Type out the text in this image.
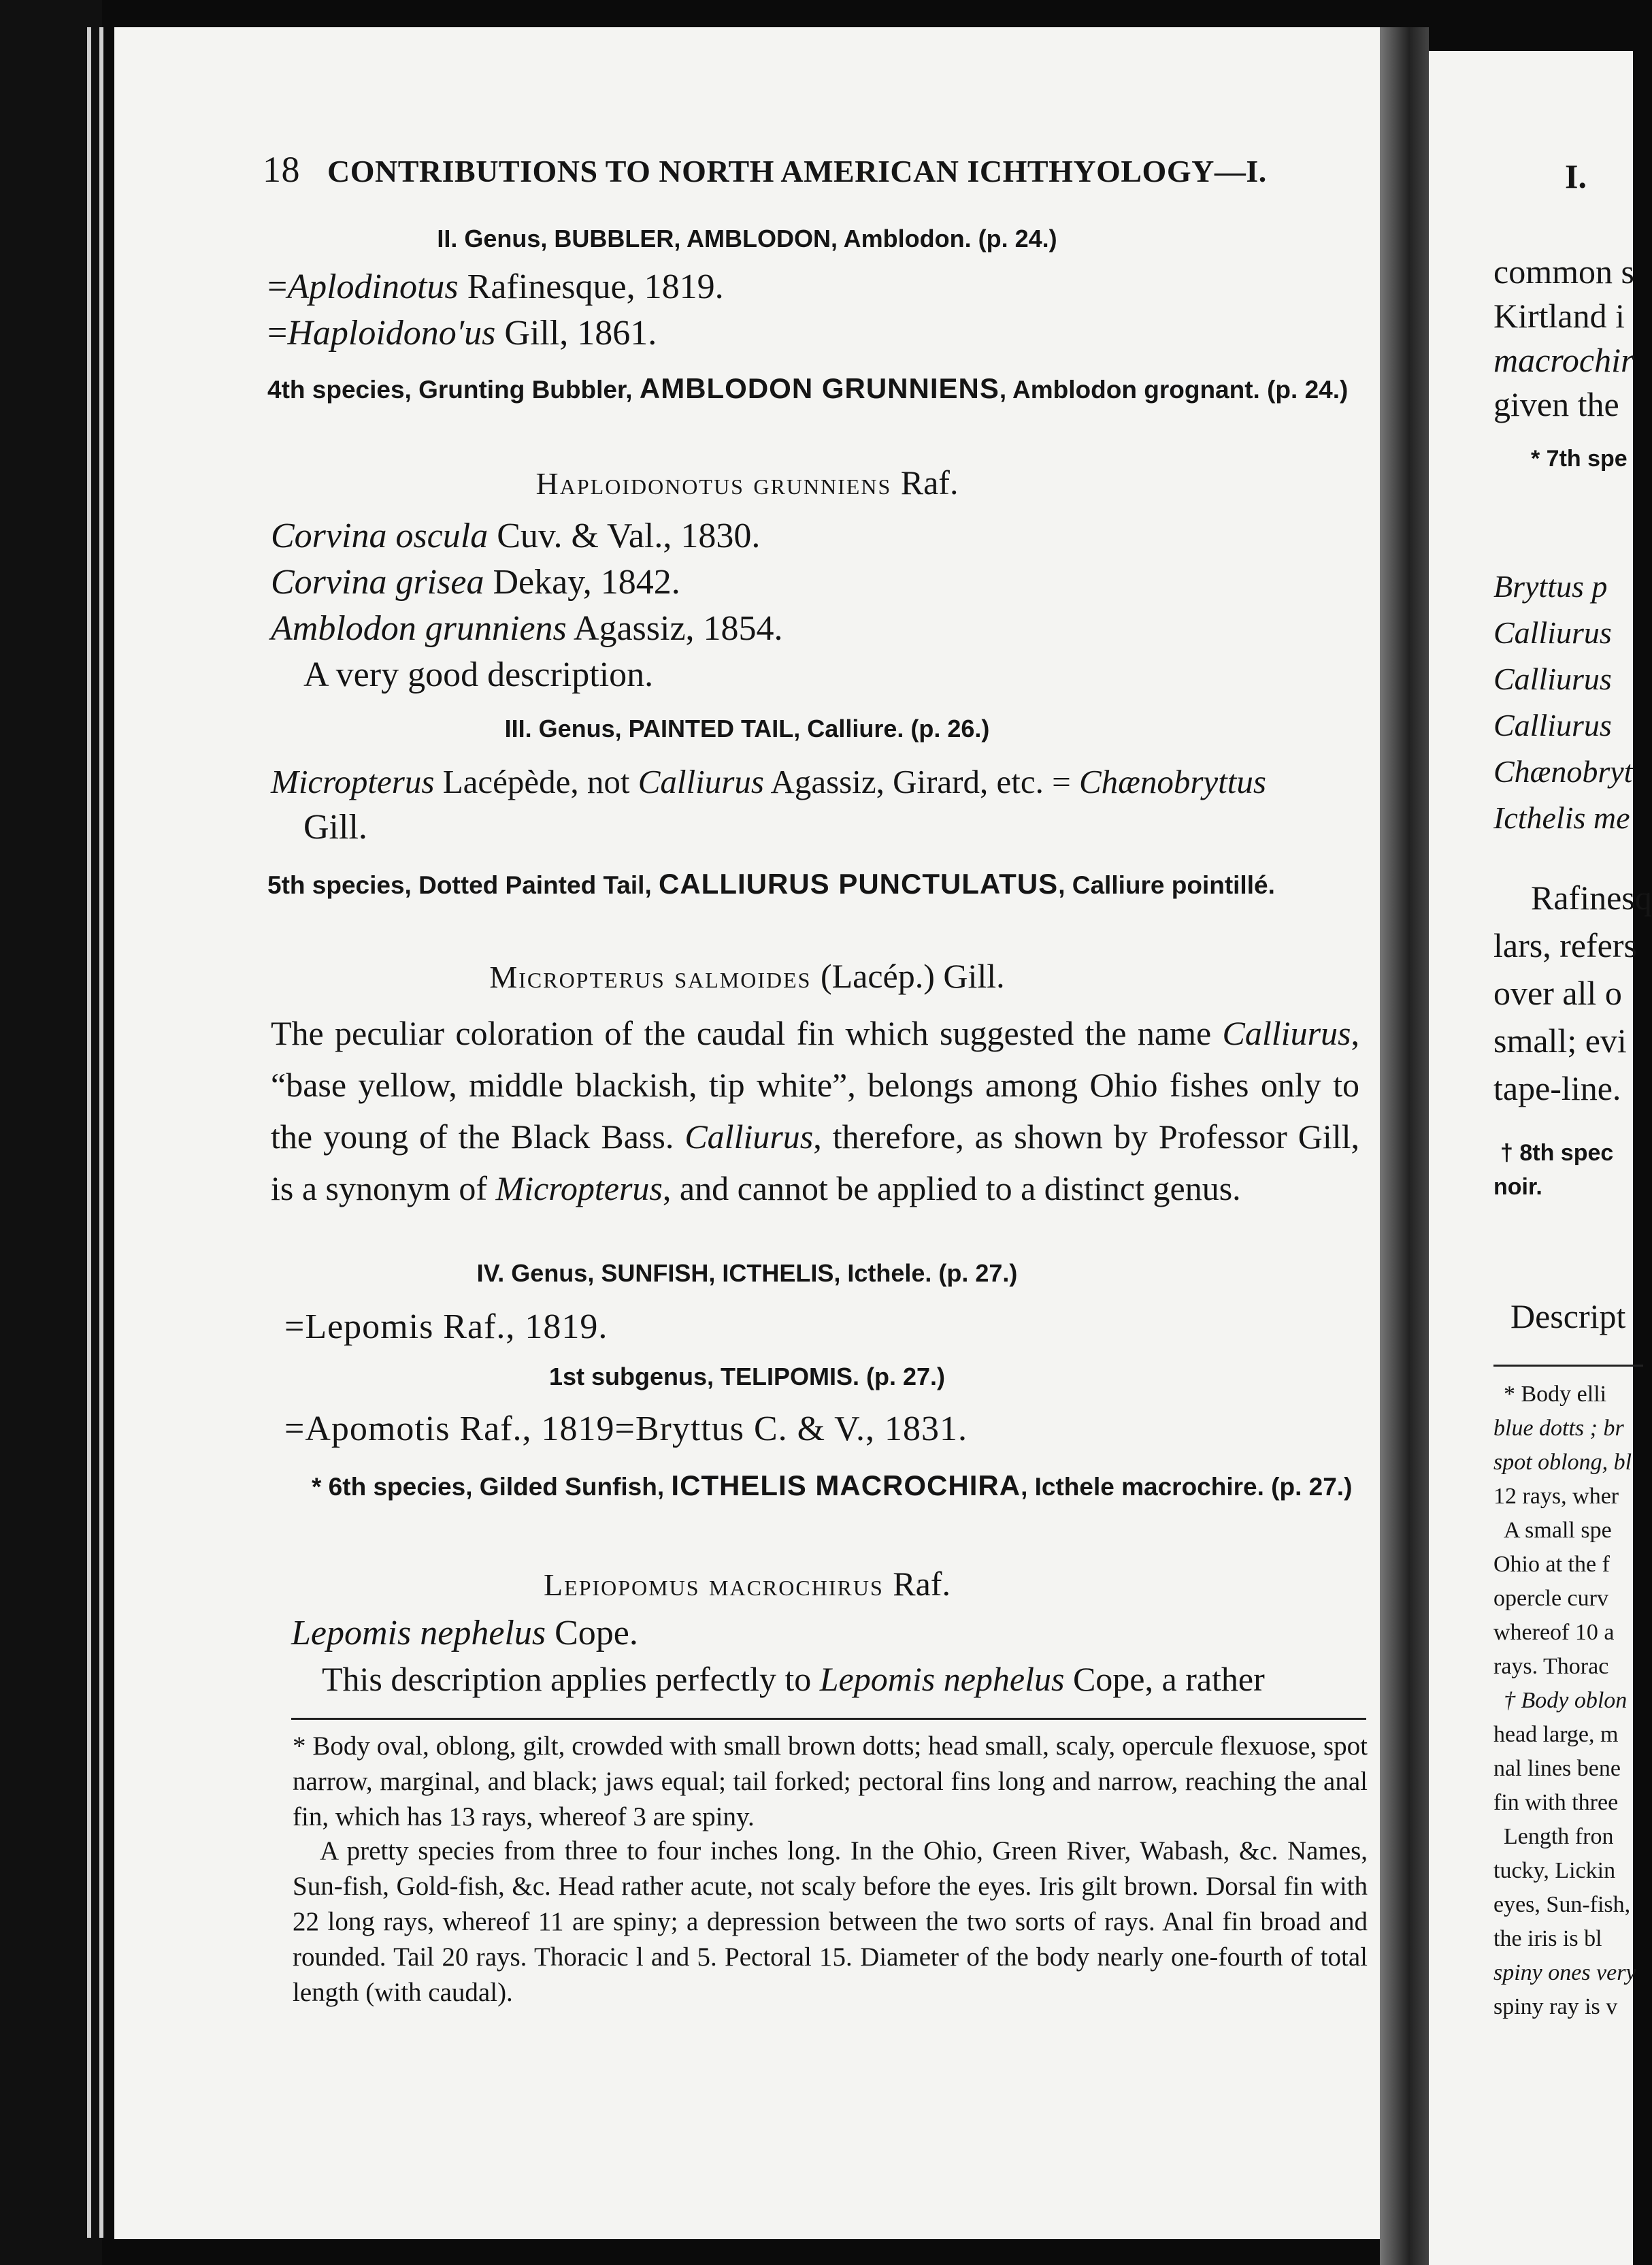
18 CONTRIBUTIONS TO NORTH AMERICAN ICHTHYOLOGY—I.
II. Genus, BUBBLER, AMBLODON, Amblodon. (p. 24.)
=Aplodinotus Rafinesque, 1819.
=Haploidono′us Gill, 1861.
4th species, Grunting Bubbler, AMBLODON GRUNNIENS, Amblodon grognant. (p. 24.)
Haploidonotus grunniens Raf.
Corvina oscula Cuv. & Val., 1830.
Corvina grisea Dekay, 1842.
Amblodon grunniens Agassiz, 1854.
A very good description.
III. Genus, PAINTED TAIL, Calliure. (p. 26.)
Micropterus Lacépède, not Calliurus Agassiz, Girard, etc. = Chænobryttus
Gill.
5th species, Dotted Painted Tail, CALLIURUS PUNCTULATUS, Calliure pointillé.
Micropterus salmoides (Lacép.) Gill.
The peculiar coloration of the caudal fin which suggested the name Calliurus, “base yellow, middle blackish, tip white”, belongs among Ohio fishes only to the young of the Black Bass. Calliurus, therefore, as shown by Professor Gill, is a synonym of Micropterus, and cannot be applied to a distinct genus.
IV. Genus, SUNFISH, ICTHELIS, Icthele. (p. 27.)
=Lepomis Raf., 1819.
1st subgenus, TELIPOMIS. (p. 27.)
=Apomotis Raf., 1819=Bryttus C. & V., 1831.
* 6th species, Gilded Sunfish, ICTHELIS MACROCHIRA, Icthele macrochire. (p. 27.)
Lepiopomus macrochirus Raf.
Lepomis nephelus Cope.
This description applies perfectly to Lepomis nephelus Cope, a rather
* Body oval, oblong, gilt, crowded with small brown dotts; head small, scaly, opercule flexuose, spot narrow, marginal, and black; jaws equal; tail forked; pectoral fins long and narrow, reaching the anal fin, which has 13 rays, whereof 3 are spiny.
A pretty species from three to four inches long. In the Ohio, Green River, Wabash, &c. Names, Sun-fish, Gold-fish, &c. Head rather acute, not scaly before the eyes. Iris gilt brown. Dorsal fin with 22 long rays, whereof 11 are spiny; a depression between the two sorts of rays. Anal fin broad and rounded. Tail 20 rays. Thoracic l and 5. Pectoral 15. Diameter of the body nearly one-fourth of total length (with caudal).
I.
common s
Kirtland i
macrochir
given the
* 7th spe
Bryttus p
Calliurus
Calliurus
Calliurus
Chænobryt
Icthelis me
Rafinesq
lars, refers
over all o
small; evi
tape-line.
† 8th spec
noir.
Descript
* Body elli
blue dotts ; br
spot oblong, bl
12 rays, wher
A small spe
Ohio at the f
opercle curv
whereof 10 a
rays. Thorac
† Body oblon
head large, m
nal lines bene
fin with three
Length fron
tucky, Lickin
eyes, Sun-fish,
the iris is bl
spiny ones very
spiny ray is v
